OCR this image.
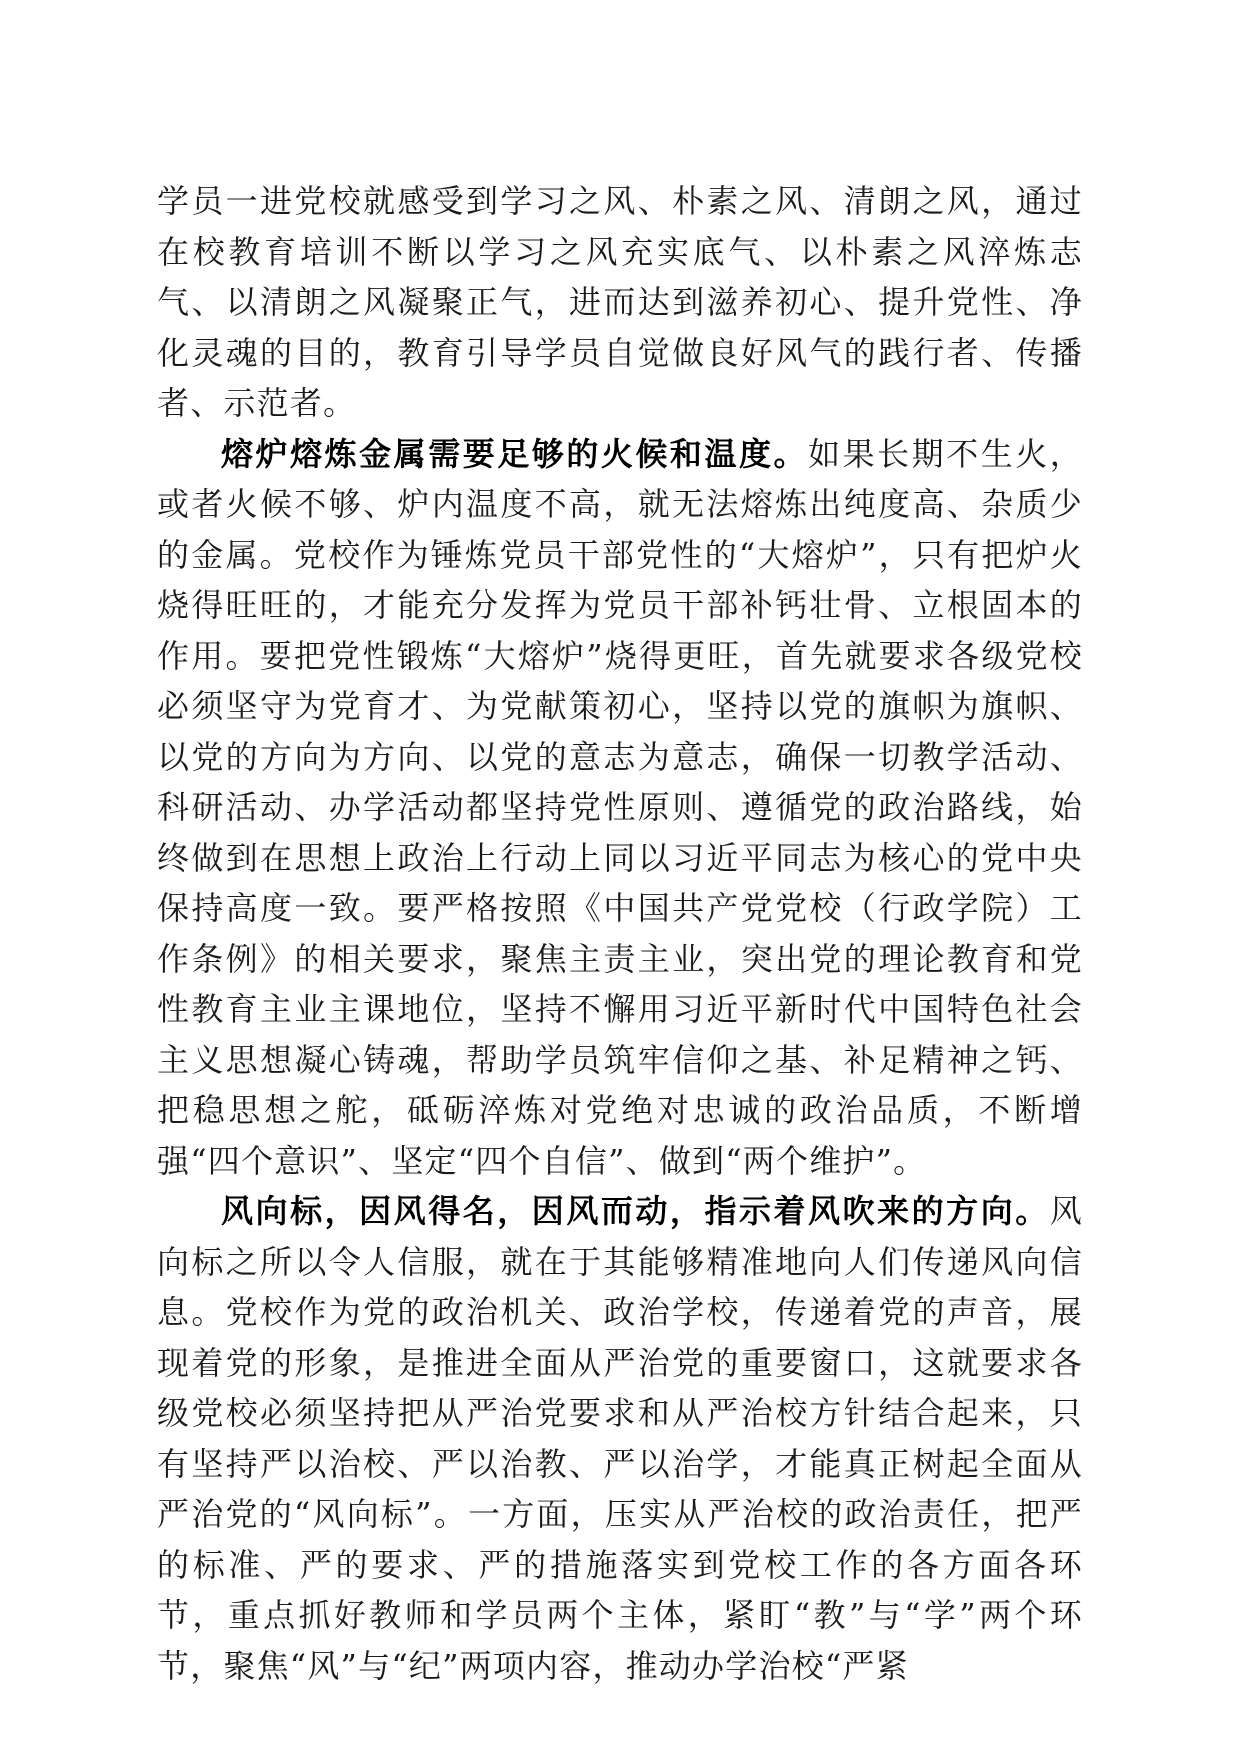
学员一进党校就感受到学习之风、朴素之风、清朗之风，通过在校教育培训不断以学习之风充实底气、以朴素之风淬炼志气、以清朗之风凝聚正气，进而达到滋养初心、提升党性、净化灵魂的目的，教育引导学员自觉做良好风气的践行者、传播者、示范者。

熔炉熔炼金属需要足够的火候和温度。如果长期不生火，或者火候不够、炉内温度不高，就无法熔炼出纯度高、杂质少的金属。党校作为锤炼党员干部党性的“大熔炉”，只有把炉火烧得旺旺的，才能充分发挥为党员干部补钙壮骨、立根固本的作用。要把党性锻炼“大熔炉”烧得更旺，首先就要求各级党校必须坚守为党育才、为党献策初心，坚持以党的旗帜为旗帜、以党的方向为方向、以党的意志为意志，确保一切教学活动、科研活动、办学活动都坚持党性原则、遵循党的政治路线，始终做到在思想上政治上行动上同以习近平同志为核心的党中央保持高度一致。要严格按照《中国共产党党校（行政学院）工作条例》的相关要求，聚焦主责主业，突出党的理论教育和党性教育主业主课地位，坚持不懈用习近平新时代中国特色社会主义思想凝心铸魂，帮助学员筑牢信仰之基、补足精神之钙、把稳思想之舵，砥砺淬炼对党绝对忠诚的政治品质，不断增强“四个意识”、坚定“四个自信”、做到“两个维护”。

风向标，因风得名，因风而动，指示着风吹来的方向。风向标之所以令人信服，就在于其能够精准地向人们传递风向信息。党校作为党的政治机关、政治学校，传递着党的声音，展现着党的形象，是推进全面从严治党的重要窗口，这就要求各级党校必须坚持把从严治党要求和从严治校方针结合起来，只有坚持严以治校、严以治教、严以治学，才能真正树起全面从严治党的“风向标”。一方面，压实从严治校的政治责任，把严的标准、严的要求、严的措施落实到党校工作的各方面各环节，重点抓好教师和学员两个主体，紧盯“教”与“学”两个环节，聚焦“风”与“纪”两项内容，推动办学治校“严紧
